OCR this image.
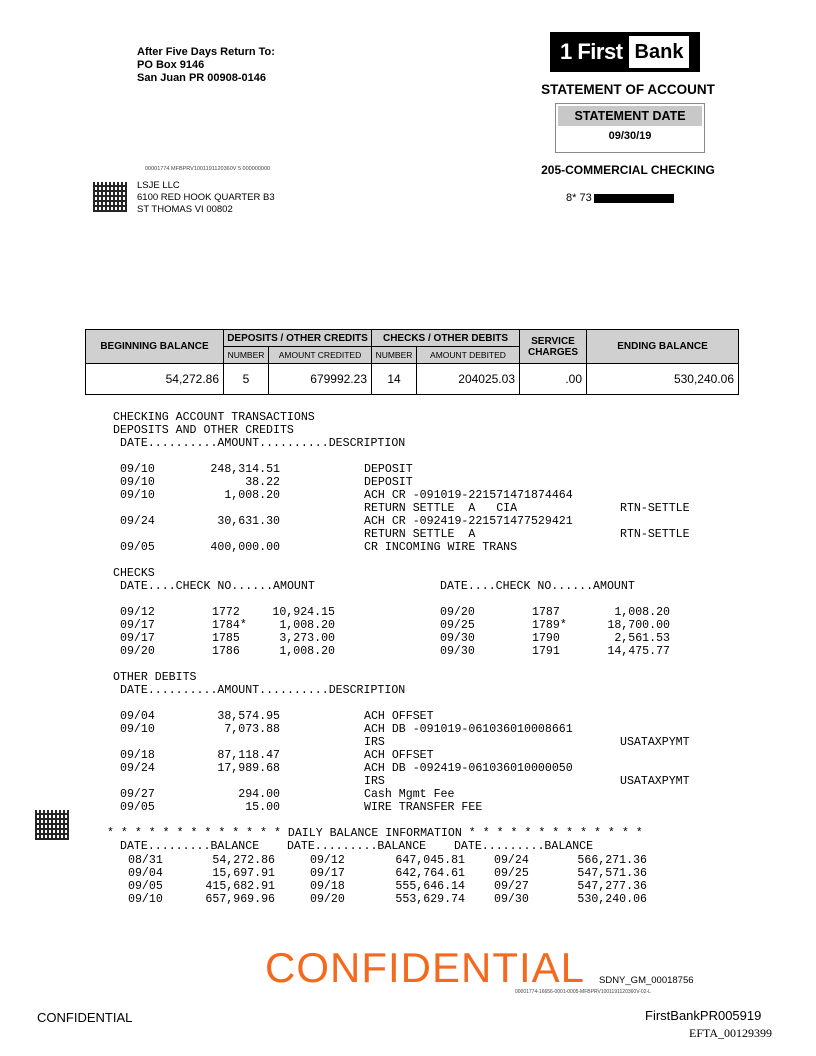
After Five Days Return To:
PO Box 9146
San Juan PR 00908-0146
1 First Bank
STATEMENT OF ACCOUNT
STATEMENT DATE
09/30/19
205-COMMERCIAL CHECKING
8* 73
00001774 MFBPRV1001191120360V 5 000000000
LSJE LLC
6100 RED HOOK QUARTER B3
ST THOMAS VI 00802
BEGINNING BALANCE	DEPOSITS / OTHER CREDITS		CHECKS / OTHER DEBITS		SERVICE CHARGES	ENDING BALANCE
	NUMBER	AMOUNT CREDITED	NUMBER	AMOUNT DEBITED		
54,272.86	5	679992.23	14	204025.03	.00	530,240.06
CHECKING ACCOUNT TRANSACTIONS
DEPOSITS AND OTHER CREDITS
DATE..........AMOUNT..........DESCRIPTION
09/10	248,314.51	DEPOSIT
09/10	38.22	DEPOSIT
09/10	1,008.20	ACH CR -091019-221571471874464
RETURN SETTLE  A   CIA	RTN-SETTLE
09/24	30,631.30	ACH CR -092419-221571477529421
RETURN SETTLE  A	RTN-SETTLE
09/05	400,000.00	CR INCOMING WIRE TRANS
CHECKS
DATE....CHECK NO......AMOUNT	DATE....CHECK NO......AMOUNT
09/12	1772	10,924.15	09/20	1787	1,008.20
09/17	1784*	1,008.20	09/25	1789*	18,700.00
09/17	1785	3,273.00	09/30	1790	2,561.53
09/20	1786	1,008.20	09/30	1791	14,475.77
OTHER DEBITS
DATE..........AMOUNT..........DESCRIPTION
09/04	38,574.95	ACH OFFSET
09/10	7,073.88	ACH DB -091019-061036010008661
IRS	USATAXPYMT
09/18	87,118.47	ACH OFFSET
09/24	17,989.68	ACH DB -092419-061036010000050
IRS	USATAXPYMT
09/27	294.00	Cash Mgmt Fee
09/05	15.00	WIRE TRANSFER FEE
* * * * * * * * * * * * * DAILY BALANCE INFORMATION * * * * * * * * * * * * *
DATE.........BALANCE    DATE.........BALANCE    DATE.........BALANCE
08/31	54,272.86	09/12	647,045.81	09/24	566,271.36
09/04	15,697.91	09/17	642,764.61	09/25	547,571.36
09/05	415,682.91	09/18	555,646.14	09/27	547,277.36
09/10	657,969.96	09/20	553,629.74	09/30	530,240.06
CONFIDENTIAL SDNY_GM_00018756
00001774-16656-0001-0005-MFBPRV1001191120360V-02-L
CONFIDENTIAL	FirstBankPR005919
EFTA_00129399
